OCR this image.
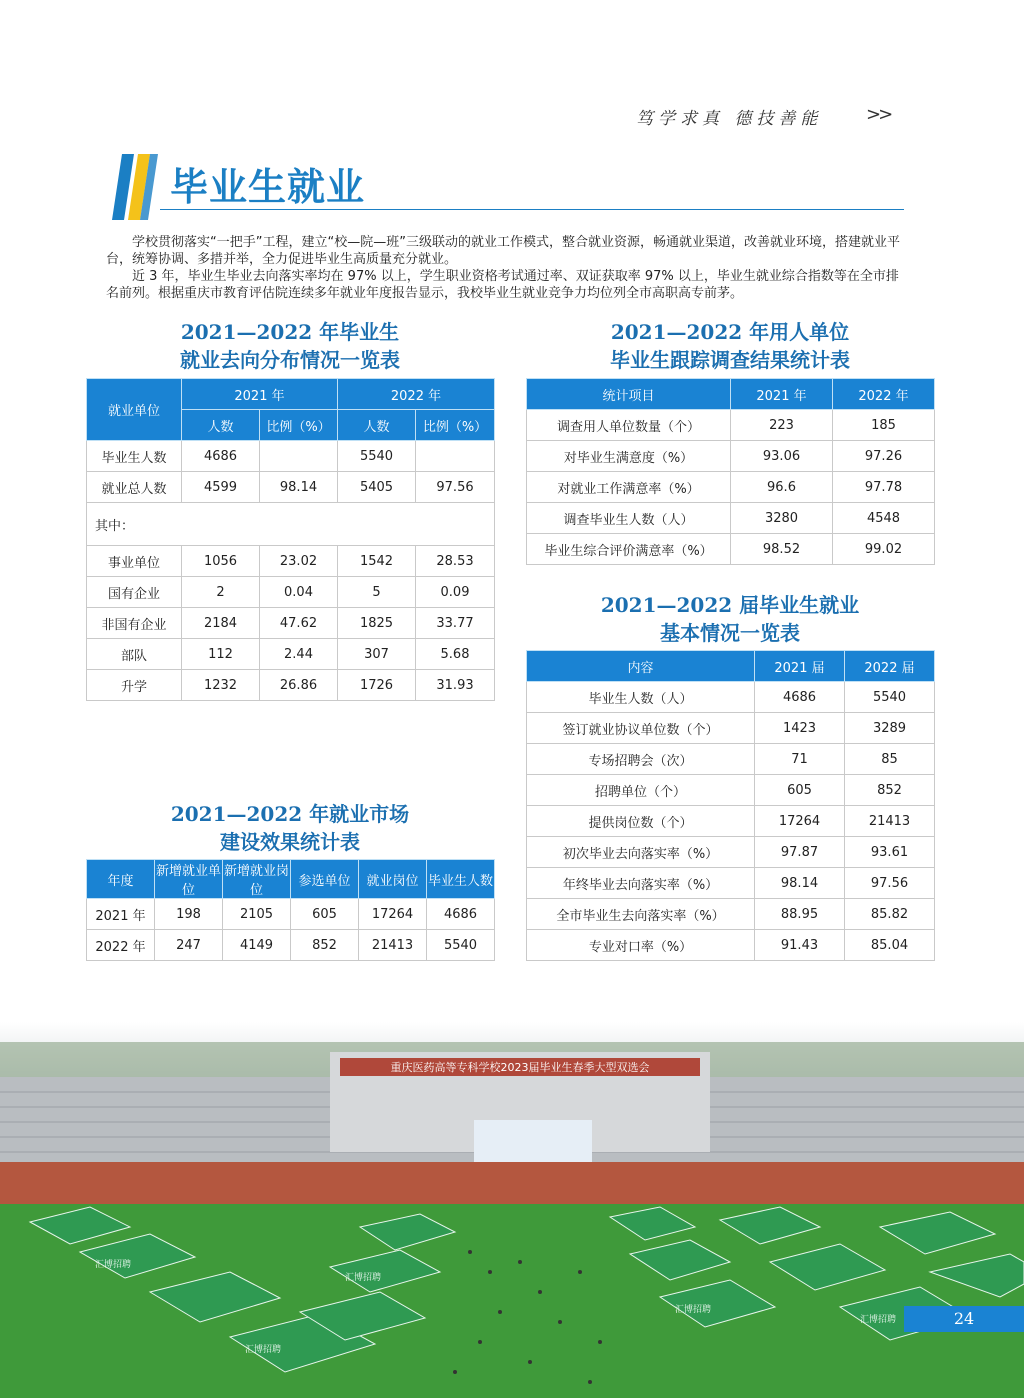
笃学求真 德技善能	>>
毕业生就业

学校贯彻落实“一把手”工程，建立“校—院—班”三级联动的就业工作模式，整合就业资源，畅通就业渠道，改善就业环境，搭建就业平台，统筹协调、多措并举，全力促进毕业生高质量充分就业。

近 3 年，毕业生毕业去向落实率均在 97% 以上，学生职业资格考试通过率、双证获取率 97% 以上，毕业生就业综合指数等在全市排名前列。根据重庆市教育评估院连续多年就业年度报告显示，我校毕业生就业竞争力均位列全市高职高专前茅。

2021—2022 年毕业生
就业去向分布情况一览表
就业单位	2021 年		2022 年	
	人数	比例（%）	人数	比例（%）
毕业生人数	4686		5540	
就业总人数	4599	98.14	5405	97.56
其中：				
事业单位	1056	23.02	1542	28.53
国有企业	2	0.04	5	0.09
非国有企业	2184	47.62	1825	33.77
部队	112	2.44	307	5.68
升学	1232	26.86	1726	31.93
2021—2022 年用人单位
毕业生跟踪调查结果统计表
统计项目	2021 年	2022 年
调查用人单位数量（个）	223	185
对毕业生满意度（%）	93.06	97.26
对就业工作满意率（%）	96.6	97.78
调查毕业生人数（人）	3280	4548
毕业生综合评价满意率（%）	98.52	99.02
2021—2022 届毕业生就业
基本情况一览表
内容	2021 届	2022 届
毕业生人数（人）	4686	5540
签订就业协议单位数（个）	1423	3289
专场招聘会（次）	71	85
招聘单位（个）	605	852
提供岗位数（个）	17264	21413
初次毕业去向落实率（%）	97.87	93.61
年终毕业去向落实率（%）	98.14	97.56
全市毕业生去向落实率（%）	88.95	85.82
专业对口率（%）	91.43	85.04
2021—2022 年就业市场
建设效果统计表
年度	新增就业单位	新增就业岗位	参选单位	就业岗位	毕业生人数
2021 年	198	2105	605	17264	4686
2022 年	247	4149	852	21413	5540
重庆医药高等专科学校2023届毕业生春季大型双选会
汇博招聘
汇博招聘
汇博招聘
汇博招聘
汇博招聘	24
